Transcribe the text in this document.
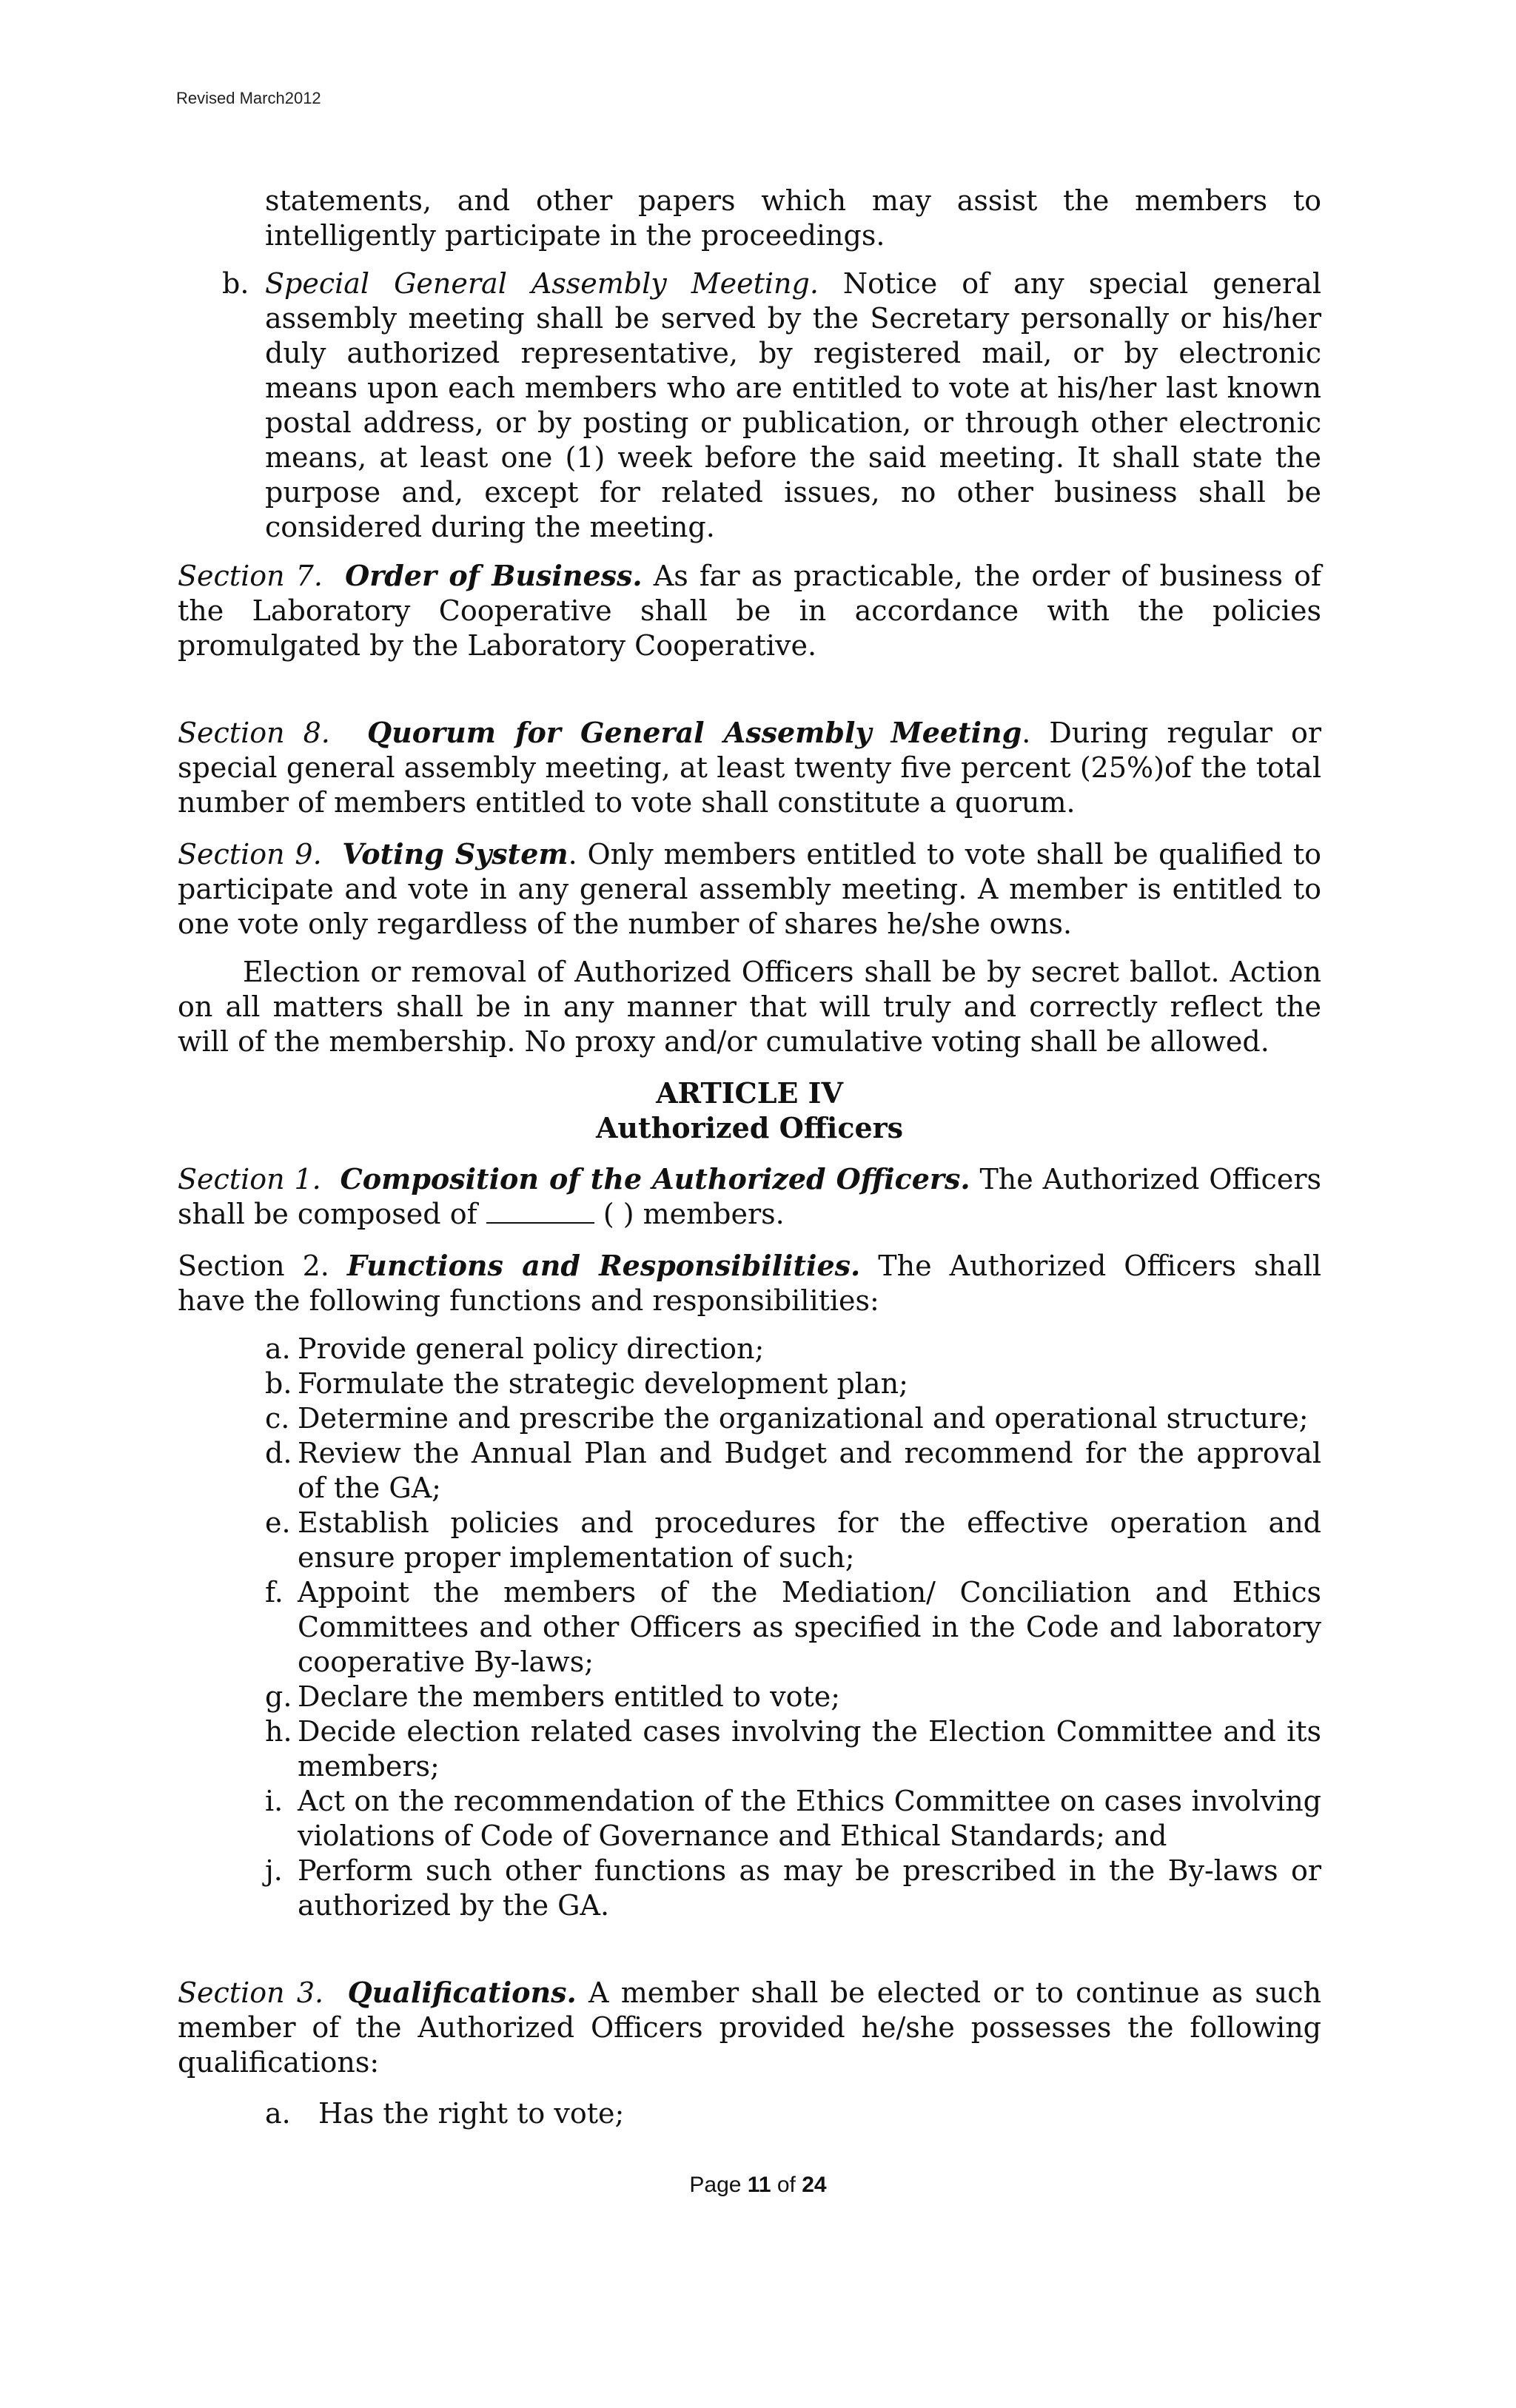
Revised March2012

statements, and other papers which may assist the members to intelligently participate in the proceedings.

b. Special General Assembly Meeting. Notice of any special general assembly meeting shall be served by the Secretary personally or his/her duly authorized representative, by registered mail, or by electronic means upon each members who are entitled to vote at his/her last known postal address, or by posting or publication, or through other electronic means, at least one (1) week before the said meeting. It shall state the purpose and, except for related issues, no other business shall be considered during the meeting.

Section 7. Order of Business. As far as practicable, the order of business of the Laboratory Cooperative shall be in accordance with the policies promulgated by the Laboratory Cooperative.

Section 8. Quorum for General Assembly Meeting. During regular or special general assembly meeting, at least twenty five percent (25%)of the total number of members entitled to vote shall constitute a quorum.

Section 9. Voting System. Only members entitled to vote shall be qualified to participate and vote in any general assembly meeting. A member is entitled to one vote only regardless of the number of shares he/she owns.

Election or removal of Authorized Officers shall be by secret ballot. Action on all matters shall be in any manner that will truly and correctly reflect the will of the membership. No proxy and/or cumulative voting shall be allowed.

ARTICLE IV
Authorized Officers

Section 1. Composition of the Authorized Officers. The Authorized Officers shall be composed of	( ) members.

Section 2. Functions and Responsibilities. The Authorized Officers shall have the following functions and responsibilities:

a. Provide general policy direction;
b. Formulate the strategic development plan;
c. Determine and prescribe the organizational and operational structure;
d. Review the Annual Plan and Budget and recommend for the approval of the GA;
e. Establish policies and procedures for the effective operation and ensure proper implementation of such;
f. Appoint the members of the Mediation/ Conciliation and Ethics Committees and other Officers as specified in the Code and laboratory cooperative By-laws;
g. Declare the members entitled to vote;
h. Decide election related cases involving the Election Committee and its members;
i. Act on the recommendation of the Ethics Committee on cases involving violations of Code of Governance and Ethical Standards; and
j. Perform such other functions as may be prescribed in the By-laws or authorized by the GA.

Section 3. Qualifications. A member shall be elected or to continue as such member of the Authorized Officers provided he/she possesses the following qualifications:

a. Has the right to vote;
Page 11 of 24
